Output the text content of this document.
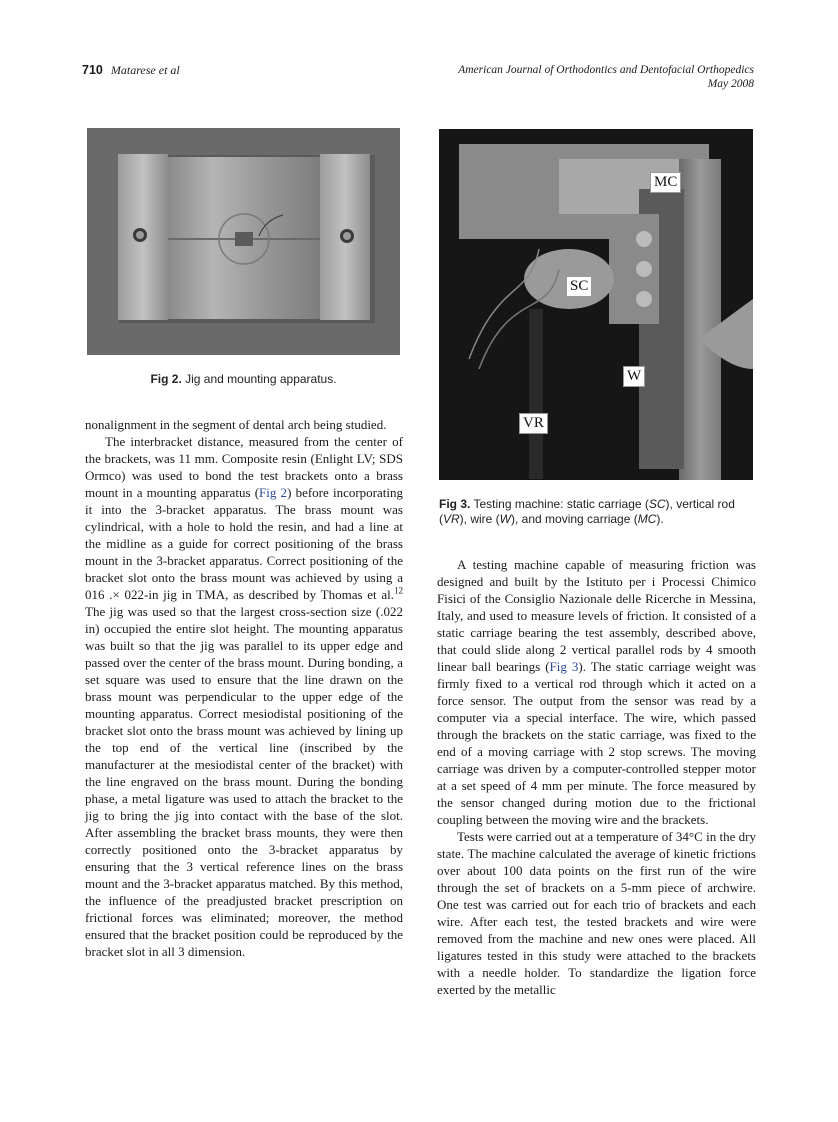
710 Matarese et al	American Journal of Orthodontics and Dentofacial Orthopedics
May 2008
Fig 2. Jig and mounting apparatus.
MC
SC
W
VR
Fig 3. Testing machine: static carriage (SC), vertical rod (VR), wire (W), and moving carriage (MC).

nonalignment in the segment of dental arch being studied.

The interbracket distance, measured from the center of the brackets, was 11 mm. Composite resin (Enlight LV; SDS Ormco) was used to bond the test brackets onto a brass mount in a mounting apparatus (Fig 2) before incorporating it into the 3-bracket apparatus. The brass mount was cylindrical, with a hole to hold the resin, and had a line at the midline as a guide for correct positioning of the brass mount in the 3-bracket apparatus. Correct positioning of the bracket slot onto the brass mount was achieved by using a 016 .× 022-in jig in TMA, as described by Thomas et al.$^{12}$ The jig was used so that the largest cross-section size (.022 in) occupied the entire slot height. The mounting apparatus was built so that the jig was parallel to its upper edge and passed over the center of the brass mount. During bonding, a set square was used to ensure that the line drawn on the brass mount was perpendicular to the upper edge of the mounting apparatus. Correct mesiodistal positioning of the bracket slot onto the brass mount was achieved by lining up the top end of the vertical line (inscribed by the manufacturer at the mesiodistal center of the bracket) with the line engraved on the brass mount. During the bonding phase, a metal ligature was used to attach the bracket to the jig to bring the jig into contact with the base of the slot. After assembling the bracket brass mounts, they were then correctly positioned onto the 3-bracket apparatus by ensuring that the 3 vertical reference lines on the brass mount and the 3-bracket apparatus matched. By this method, the influence of the preadjusted bracket prescription on frictional forces was eliminated; moreover, the method ensured that the bracket position could be reproduced by the bracket slot in all 3 dimension.

A testing machine capable of measuring friction was designed and built by the Istituto per i Processi Chimico Fisici of the Consiglio Nazionale delle Ricerche in Messina, Italy, and used to measure levels of friction. It consisted of a static carriage bearing the test assembly, described above, that could slide along 2 vertical parallel rods by 4 smooth linear ball bearings (Fig 3). The static carriage weight was firmly fixed to a vertical rod through which it acted on a force sensor. The output from the sensor was read by a computer via a special interface. The wire, which passed through the brackets on the static carriage, was fixed to the end of a moving carriage with 2 stop screws. The moving carriage was driven by a computer-controlled stepper motor at a set speed of 4 mm per minute. The force measured by the sensor changed during motion due to the frictional coupling between the moving wire and the brackets.

Tests were carried out at a temperature of 34°C in the dry state. The machine calculated the average of kinetic frictions over about 100 data points on the first run of the wire through the set of brackets on a 5-mm piece of archwire. One test was carried out for each trio of brackets and each wire. After each test, the tested brackets and wire were removed from the machine and new ones were placed. All ligatures tested in this study were attached to the brackets with a needle holder. To standardize the ligation force exerted by the metallic
